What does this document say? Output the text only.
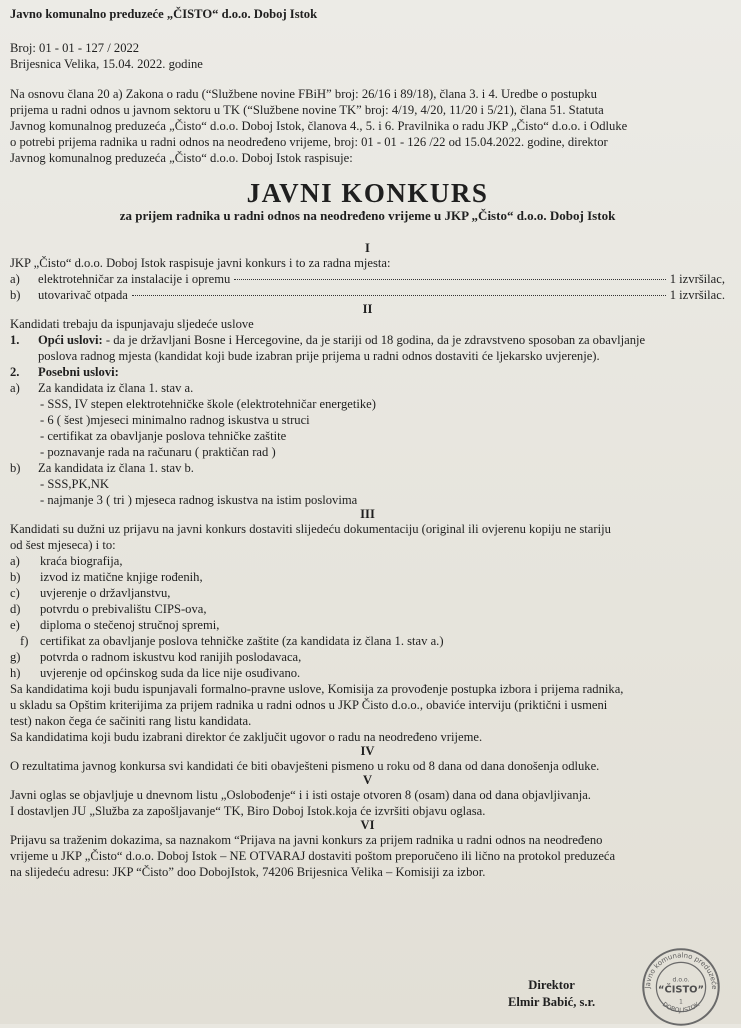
Javno komunalno preduzeće „ČISTO“ d.o.o. Doboj Istok

Broj: 01 - 01 - 127 / 2022

Brijesnica Velika, 15.04. 2022. godine

Na osnovu člana 20 a) Zakona o radu (“Službene novine FBiH” broj: 26/16 i 89/18), člana 3. i 4. Uredbe o postupku
prijema u radni odnos u javnom sektoru u TK (“Službene novine TK” broj: 4/19, 4/20, 11/20 i 5/21), člana 51. Statuta
Javnog komunalnog preduzeća „Čisto“ d.o.o. Doboj Istok, članova 4., 5. i 6. Pravilnika o radu JKP „Čisto“ d.o.o. i Odluke
o potrebi prijema radnika u radni odnos na neodređeno vrijeme, broj: 01 - 01 - 126 /22 od 15.04.2022. godine, direktor
Javnog komunalnog preduzeća „Čisto“ d.o.o. Doboj Istok raspisuje:
JAVNI KONKURS
za prijem radnika u radni odnos na neodređeno vrijeme u JKP „Čisto“ d.o.o. Doboj Istok
I

JKP „Čisto“ d.o.o. Doboj Istok raspisuje javni konkurs i to za radna mjesta:

a)	elektrotehničar za instalacije i opremu	1 izvršilac,
b)	utovarivač otpada	1 izvršilac.
II

Kandidati trebaju da ispunjavaju sljedeće uslove

1.	Opći uslovi: - da je državljani Bosne i Hercegovine, da je stariji od 18 godina, da je zdravstveno sposoban za obavljanje
poslova radnog mjesta (kandidat koji bude izabran prije prijema u radni odnos dostaviti će ljekarsko uvjerenje).
2.	Posebni uslovi:
a)	Za kandidata iz člana 1. stav a.
- SSS, IV stepen elektrotehničke škole (elektrotehničar energetike)
- 6 ( šest )mjeseci minimalno radnog iskustva u struci
- certifikat za obavljanje poslova tehničke zaštite
- poznavanje rada na računaru ( praktičan rad )
b)	Za kandidata iz člana 1. stav b.
- SSS,PK,NK
- najmanje 3 ( tri ) mjeseca radnog iskustva na istim poslovima
III

Kandidati su dužni uz prijavu na javni konkurs dostaviti slijedeću dokumentaciju (original ili ovjerenu kopiju ne stariju

od šest mjeseca) i to:

a)	kraća biografija,
b)	izvod iz matične knjige rođenih,
c)	uvjerenje o državljanstvu,
d)	potvrdu o prebivalištu CIPS-ova,
e)	diploma o stečenoj stručnoj spremi,
f) certifikat za obavljanje poslova tehničke zaštite (za kandidata iz člana 1. stav a.)
g)	potvrda o radnom iskustvu kod ranijih poslodavaca,
h)	uvjerenje od općinskog suda da lice nije osuđivano.
Sa kandidatima koji budu ispunjavali formalno-pravne uslove, Komisija za provođenje postupka izbora i prijema radnika,
u skladu sa Opštim kriterijima za prijem radnika u radni odnos u JKP Čisto d.o.o., obaviće interviju (priktični i usmeni
test) nakon čega će sačiniti rang listu kandidata.

Sa kandidatima koji budu izabrani direktor će zaključit ugovor o radu na neodređeno vrijeme.

IV

O rezultatima javnog konkursa svi kandidati će biti obavješteni pismeno u roku od 8 dana od dana donošenja odluke.

V

Javni oglas se objavljuje u dnevnom listu „Oslobođenje“ i i isti ostaje otvoren 8 (osam) dana od dana objavljivanja.

I dostavljen JU „Služba za zapošljavanje“ TK, Biro Doboj Istok.koja će izvršiti objavu oglasa.

VI
Prijavu sa traženim dokazima, sa naznakom “Prijava na javni konkurs za prijem radnika u radni odnos na neodređeno
vrijeme u JKP „Čisto“ d.o.o. Doboj Istok – NE OTVARAJ dostaviti poštom preporučeno ili lično na protokol preduzeća
na slijedeću adresu: JKP “Čisto” doo DobojIstok, 74206 Brijesnica Velika – Komisiji za izbor.
Direktor
Elmir Babić, s.r.
Javno komunalno preduzeće
d.o.o.
“ČISTO”
1
DOBOJ ISTOK
